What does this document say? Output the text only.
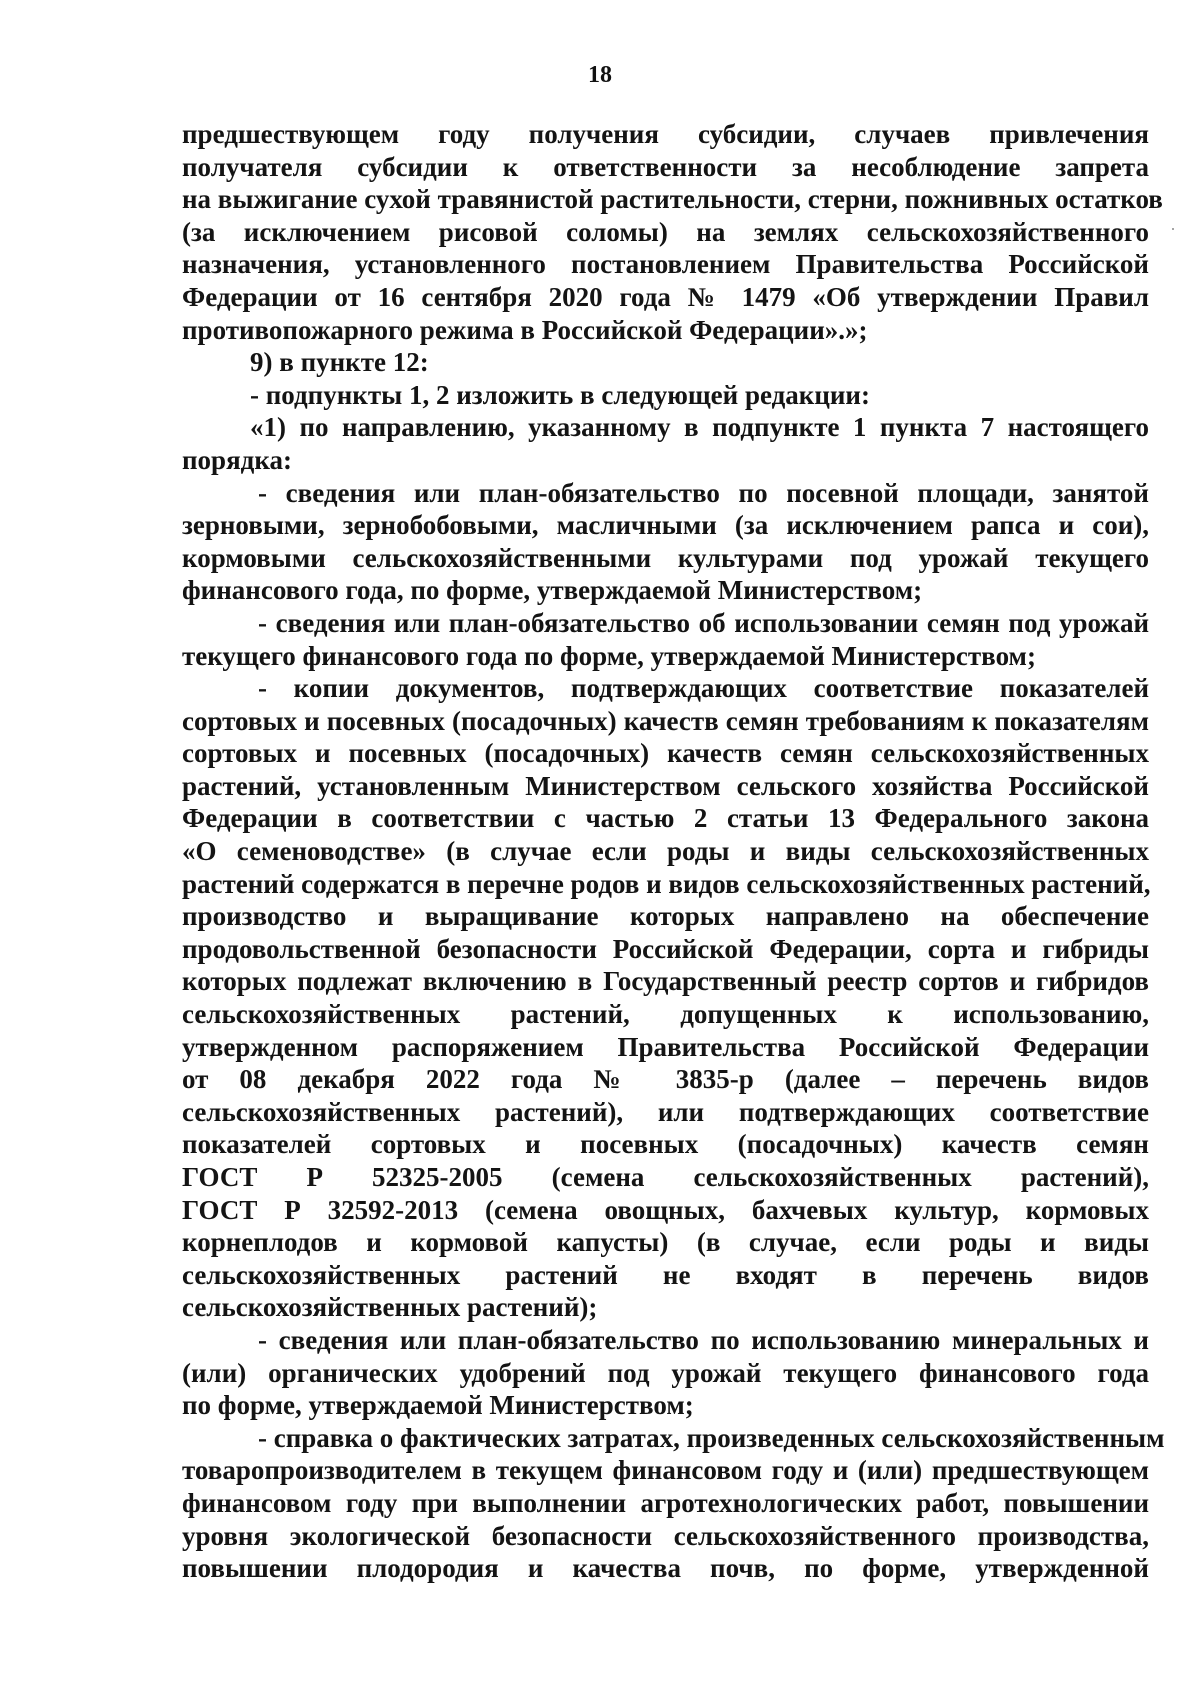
18
предшествующем году получения субсидии, случаев привлечения
получателя субсидии к ответственности за несоблюдение запрета
на выжигание сухой травянистой растительности, стерни, пожнивных остатков
(за исключением рисовой соломы) на землях сельскохозяйственного
назначения, установленного постановлением Правительства Российской
Федерации от 16 сентября 2020 года № 1479 «Об утверждении Правил
противопожарного режима в Российской Федерации».»;
9) в пункте 12:
- подпункты 1, 2 изложить в следующей редакции:
«1) по направлению, указанному в подпункте 1 пункта 7 настоящего
порядка:
- сведения или план-обязательство по посевной площади, занятой
зерновыми, зернобобовыми, масличными (за исключением рапса и сои),
кормовыми сельскохозяйственными культурами под урожай текущего
финансового года, по форме, утверждаемой Министерством;
- сведения или план-обязательство об использовании семян под урожай
текущего финансового года по форме, утверждаемой Министерством;
- копии документов, подтверждающих соответствие показателей
сортовых и посевных (посадочных) качеств семян требованиям к показателям
сортовых и посевных (посадочных) качеств семян сельскохозяйственных
растений, установленным Министерством сельского хозяйства Российской
Федерации в соответствии с частью 2 статьи 13 Федерального закона
«О семеноводстве» (в случае если роды и виды сельскохозяйственных
растений содержатся в перечне родов и видов сельскохозяйственных растений,
производство и выращивание которых направлено на обеспечение
продовольственной безопасности Российской Федерации, сорта и гибриды
которых подлежат включению в Государственный реестр сортов и гибридов
сельскохозяйственных растений, допущенных к использованию,
утвержденном распоряжением Правительства Российской Федерации
от 08 декабря 2022 года № 3835-р (далее – перечень видов
сельскохозяйственных растений), или подтверждающих соответствие
показателей сортовых и посевных (посадочных) качеств семян
ГОСТ Р 52325-2005 (семена сельскохозяйственных растений),
ГОСТ Р 32592-2013 (семена овощных, бахчевых культур, кормовых
корнеплодов и кормовой капусты) (в случае, если роды и виды
сельскохозяйственных растений не входят в перечень видов
сельскохозяйственных растений);
- сведения или план-обязательство по использованию минеральных и
(или) органических удобрений под урожай текущего финансового года
по форме, утверждаемой Министерством;
- справка о фактических затратах, произведенных сельскохозяйственным
товаропроизводителем в текущем финансовом году и (или) предшествующем
финансовом году при выполнении агротехнологических работ, повышении
уровня экологической безопасности сельскохозяйственного производства,
повышении плодородия и качества почв, по форме, утвержденной
